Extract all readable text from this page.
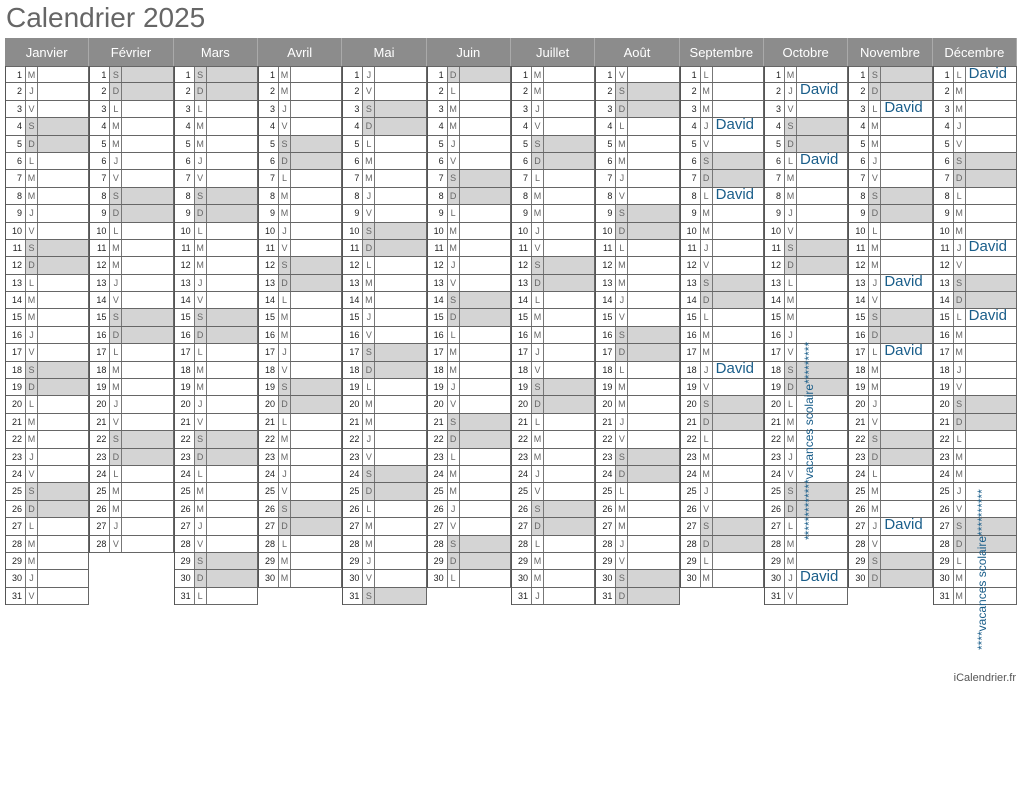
Calendrier 2025
Janvier
1 M
2 J
3 V
4 S
5 D
6 L
7 M
8 M
9 J
10 V
11 S
12 D
13 L
14 M
15 M
16 J
17 V
18 S
19 D
20 L
21 M
22 M
23 J
24 V
25 S
26 D
27 L
28 M
29 M
30 J
31 V
Février
1 S
2 D
3 L
4 M
5 M
6 J
7 V
8 S
9 D
10 L
11 M
12 M
13 J
14 V
15 S
16 D
17 L
18 M
19 M
20 J
21 V
22 S
23 D
24 L
25 M
26 M
27 J
28 V
Mars
1 S
2 D
3 L
4 M
5 M
6 J
7 V
8 S
9 D
10 L
11 M
12 M
13 J
14 V
15 S
16 D
17 L
18 M
19 M
20 J
21 V
22 S
23 D
24 L
25 M
26 M
27 J
28 V
29 S
30 D
31 L
Avril
1 M
2 M
3 J
4 V
5 S
6 D
7 L
8 M
9 M
10 J
11 V
12 S
13 D
14 L
15 M
16 M
17 J
18 V
19 S
20 D
21 L
22 M
23 M
24 J
25 V
26 S
27 D
28 L
29 M
30 M
Mai
1 J
2 V
3 S
4 D
5 L
6 M
7 M
8 J
9 V
10 S
11 D
12 L
13 M
14 M
15 J
16 V
17 S
18 D
19 L
20 M
21 M
22 J
23 V
24 S
25 D
26 L
27 M
28 M
29 J
30 V
31 S
Juin
1 D
2 L
3 M
4 M
5 J
6 V
7 S
8 D
9 L
10 M
11 M
12 J
13 V
14 S
15 D
16 L
17 M
18 M
19 J
20 V
21 S
22 D
23 L
24 M
25 M
26 J
27 V
28 S
29 D
30 L
Juillet
1 M
2 M
3 J
4 V
5 S
6 D
7 L
8 M
9 M
10 J
11 V
12 S
13 D
14 L
15 M
16 M
17 J
18 V
19 S
20 D
21 L
22 M
23 M
24 J
25 V
26 S
27 D
28 L
29 M
30 M
31 J
Août
1 V
2 S
3 D
4 L
5 M
6 M
7 J
8 V
9 S
10 D
11 L
12 M
13 M
14 J
15 V
16 S
17 D
18 L
19 M
20 M
21 J
22 V
23 S
24 D
25 L
26 M
27 M
28 J
29 V
30 S
31 D
Septembre
1 L
2 M
3 M
4 J David
5 V
6 S
7 D
8 L David
9 M
10 M
11 J
12 V
13 S
14 D
15 L
16 M
17 M
18 J David
19 V
20 S
21 D
22 L
23 M
24 M
25 J
26 V
27 S
28 D
29 L
30 M
Octobre
1 M
2 J David
3 V
4 S
5 D
6 L David
7 M
8 M
9 J
10 V
11 S
12 D
13 L
14 M
15 M
16 J
17 V
18 S
19 D
20 L
21 M
22 M
23 J
24 V
25 S
26 D
27 L
28 M
29 M
30 J David
31 V
Novembre
1 S
2 D
3 L David
4 M
5 M
6 J
7 V
8 S
9 D
10 L
11 M
12 M
13 J David
14 V
15 S
16 D
17 L David
18 M
19 M
20 J
21 V
22 S
23 D
24 L
25 M
26 M
27 J David
28 V
29 S
30 D
Décembre
1 L David
2 M
3 M
4 J
5 V
6 S
7 D
8 L
9 M
10 M
11 J David
12 V
13 S
14 D
15 L David
16 M
17 M
18 J
19 V
20 S
21 D
22 L
23 M
24 M
25 J
26 V
27 S
28 D
29 L
30 M
31 M
iCalendrier.fr
*************vacances scolaire*********
****vacances scolaire**********
